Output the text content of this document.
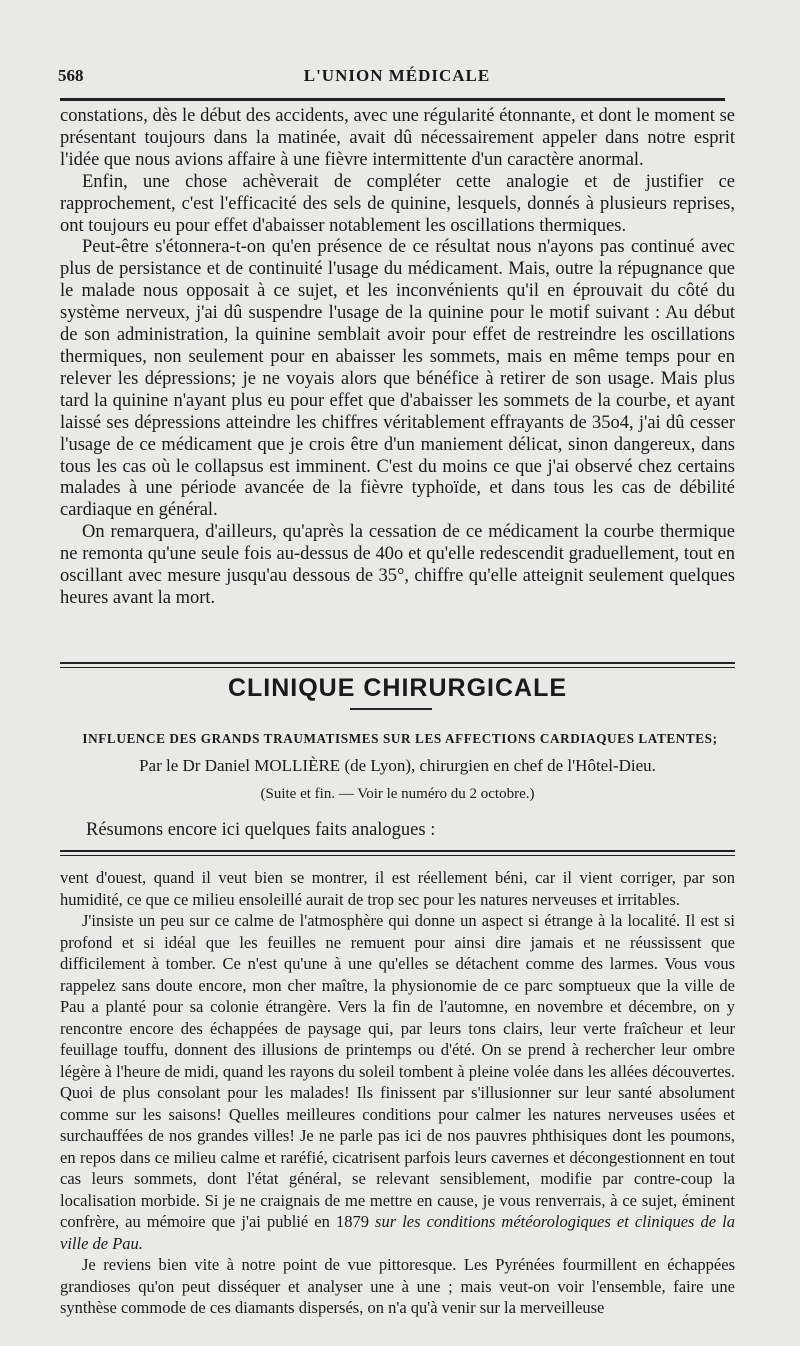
568	L'UNION MÉDICALE

constations, dès le début des accidents, avec une régularité étonnante, et dont le moment se présentant toujours dans la matinée, avait dû nécessairement appeler dans notre esprit l'idée que nous avions affaire à une fièvre intermittente d'un caractère anormal.

Enfin, une chose achèverait de compléter cette analogie et de justifier ce rapprochement, c'est l'efficacité des sels de quinine, lesquels, donnés à plusieurs reprises, ont toujours eu pour effet d'abaisser notablement les oscillations thermiques.

Peut-être s'étonnera-t-on qu'en présence de ce résultat nous n'ayons pas continué avec plus de persistance et de continuité l'usage du médicament. Mais, outre la répugnance que le malade nous opposait à ce sujet, et les inconvénients qu'il en éprouvait du côté du système nerveux, j'ai dû suspendre l'usage de la quinine pour le motif suivant : Au début de son administration, la quinine semblait avoir pour effet de restreindre les oscillations thermiques, non seulement pour en abaisser les sommets, mais en même temps pour en relever les dépressions; je ne voyais alors que bénéfice à retirer de son usage. Mais plus tard la quinine n'ayant plus eu pour effet que d'abaisser les sommets de la courbe, et ayant laissé ses dépressions atteindre les chiffres véritablement effrayants de 35o4, j'ai dû cesser l'usage de ce médicament que je crois être d'un maniement délicat, sinon dangereux, dans tous les cas où le collapsus est imminent. C'est du moins ce que j'ai observé chez certains malades à une période avancée de la fièvre typhoïde, et dans tous les cas de débilité cardiaque en général.

On remarquera, d'ailleurs, qu'après la cessation de ce médicament la courbe thermique ne remonta qu'une seule fois au-dessus de 40o et qu'elle redescendit graduellement, tout en oscillant avec mesure jusqu'au dessous de 35°, chiffre qu'elle atteignit seulement quelques heures avant la mort.

CLINIQUE CHIRURGICALE
INFLUENCE DES GRANDS TRAUMATISMES SUR LES AFFECTIONS CARDIAQUES LATENTES;
Par le Dr Daniel MOLLIÈRE (de Lyon), chirurgien en chef de l'Hôtel-Dieu.
(Suite et fin. — Voir le numéro du 2 octobre.)
Résumons encore ici quelques faits analogues :

vent d'ouest, quand il veut bien se montrer, il est réellement béni, car il vient corriger, par son humidité, ce que ce milieu ensoleillé aurait de trop sec pour les natures nerveuses et irritables.

J'insiste un peu sur ce calme de l'atmosphère qui donne un aspect si étrange à la localité. Il est si profond et si idéal que les feuilles ne remuent pour ainsi dire jamais et ne réussissent que difficilement à tomber. Ce n'est qu'une à une qu'elles se détachent comme des larmes. Vous vous rappelez sans doute encore, mon cher maître, la physionomie de ce parc somptueux que la ville de Pau a planté pour sa colonie étrangère. Vers la fin de l'automne, en novembre et décembre, on y rencontre encore des échappées de paysage qui, par leurs tons clairs, leur verte fraîcheur et leur feuillage touffu, donnent des illusions de printemps ou d'été. On se prend à rechercher leur ombre légère à l'heure de midi, quand les rayons du soleil tombent à pleine volée dans les allées découvertes. Quoi de plus consolant pour les malades! Ils finissent par s'illusionner sur leur santé absolument comme sur les saisons! Quelles meilleures conditions pour calmer les natures nerveuses usées et surchauffées de nos grandes villes! Je ne parle pas ici de nos pauvres phthisiques dont les poumons, en repos dans ce milieu calme et raréfié, cicatrisent parfois leurs cavernes et décongestionnent en tout cas leurs sommets, dont l'état général, se relevant sensiblement, modifie par contre-coup la localisation morbide. Si je ne craignais de me mettre en cause, je vous renverrais, à ce sujet, éminent confrère, au mémoire que j'ai publié en 1879 sur les conditions météorologiques et cliniques de la ville de Pau.

Je reviens bien vite à notre point de vue pittoresque. Les Pyrénées fourmillent en échappées grandioses qu'on peut disséquer et analyser une à une ; mais veut-on voir l'ensemble, faire une synthèse commode de ces diamants dispersés, on n'a qu'à venir sur la merveilleuse
